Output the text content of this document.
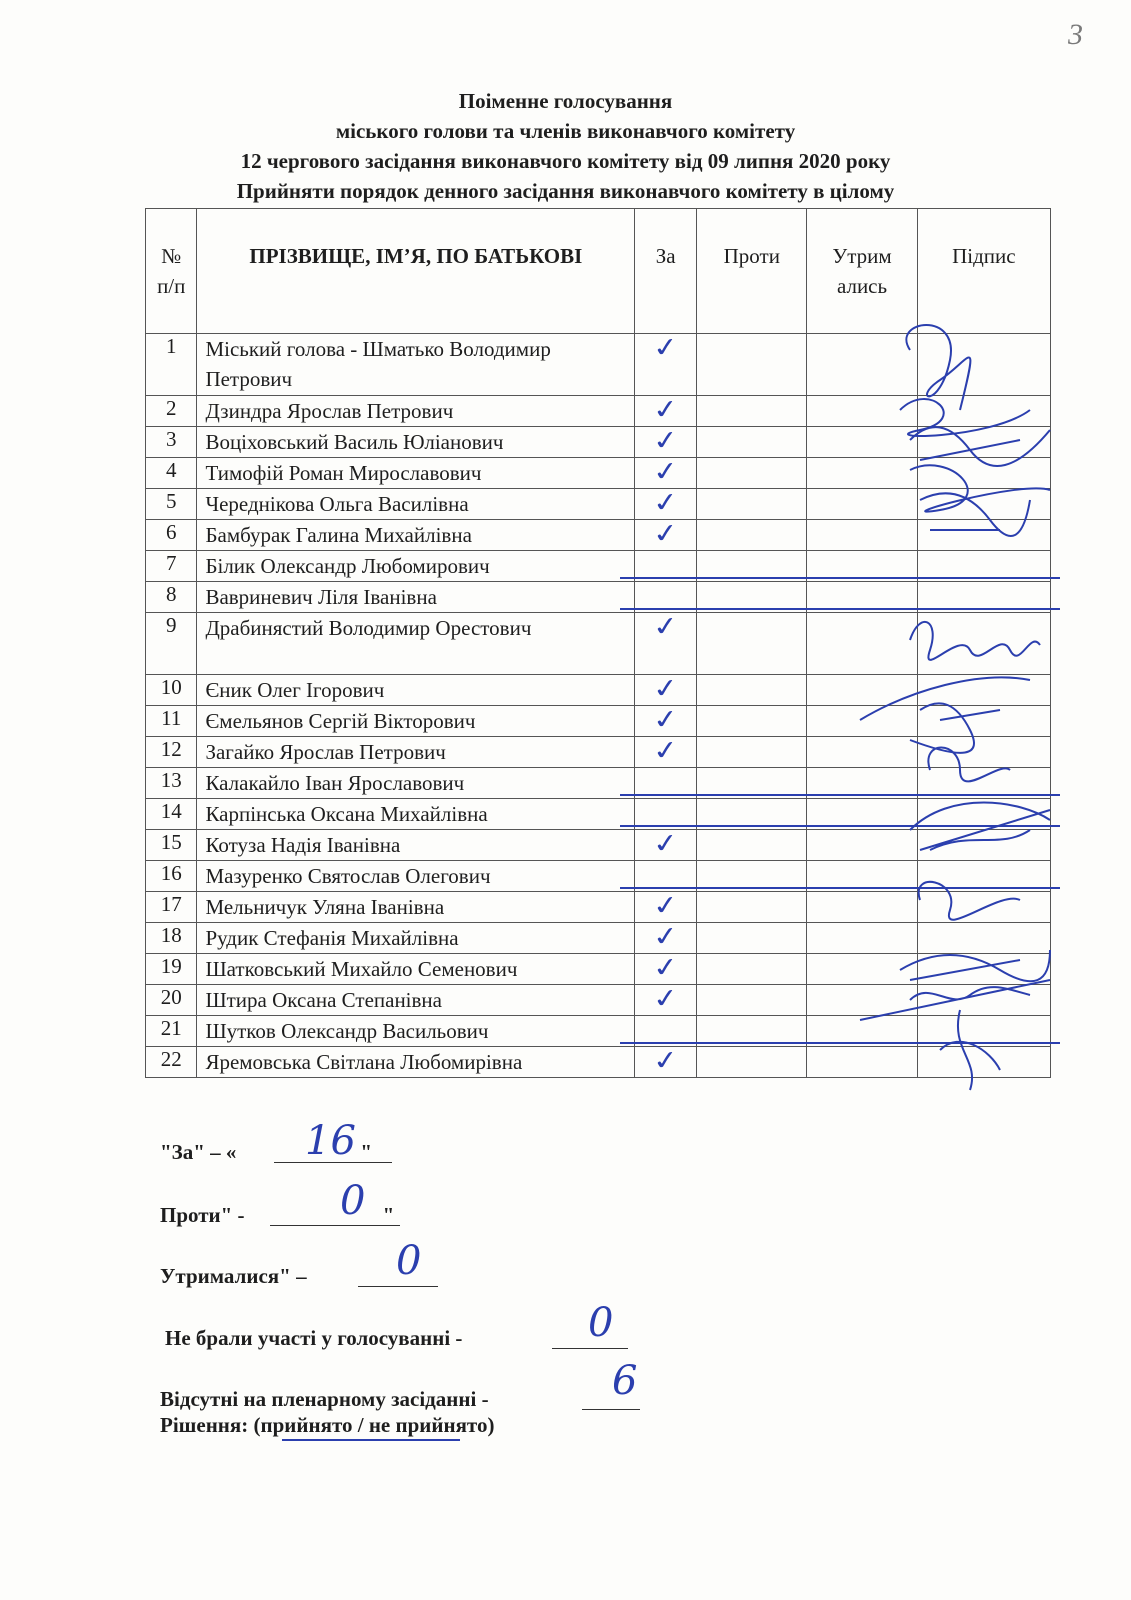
3
Поіменне голосування
міського голови та членів виконавчого комітету
12 чергового засідання виконавчого комітету від 09 липня 2020 року
Прийняти порядок денного засідання виконавчого комітету в цілому
№ п/п	ПРІЗВИЩЕ, ІМ’Я, ПО БАТЬКОВІ	За	Проти	Утрим ались	Підпис
1	Міський голова - Шматько Володимир Петрович	✓			
2	Дзиндра Ярослав Петрович	✓			
3	Воціховський Василь Юліанович	✓			
4	Тимофій Роман Мирославович	✓			
5	Череднікова Ольга Василівна	✓			
6	Бамбурак Галина Михайлівна	✓			
7	Білик Олександр Любомирович				
8	Вавриневич Ліля Іванівна				
9	Драбинястий Володимир Орестович	✓			
10	Єник Олег Ігорович	✓			
11	Ємельянов Сергій Вікторович	✓			
12	Загайко Ярослав Петрович	✓			
13	Калакайло Іван Ярославович				
14	Карпінська Оксана Михайлівна				
15	Котуза Надія Іванівна	✓			
16	Мазуренко Святослав Олегович				
17	Мельничук Уляна Іванівна	✓			
18	Рудик Стефанія Михайлівна	✓			
19	Шатковський Михайло Семенович	✓			
20	Штира Оксана Степанівна	✓			
21	Шутков Олександр Васильович				
22	Яремовська Світлана Любомирівна	✓			
"За" – «	"
16
Проти" -	"
0
Утрималися" – 0
Не брали участі у голосуванні -	0
Відсутні на пленарному засіданні -	6
Рішення: (прийнято / не прийнято)
